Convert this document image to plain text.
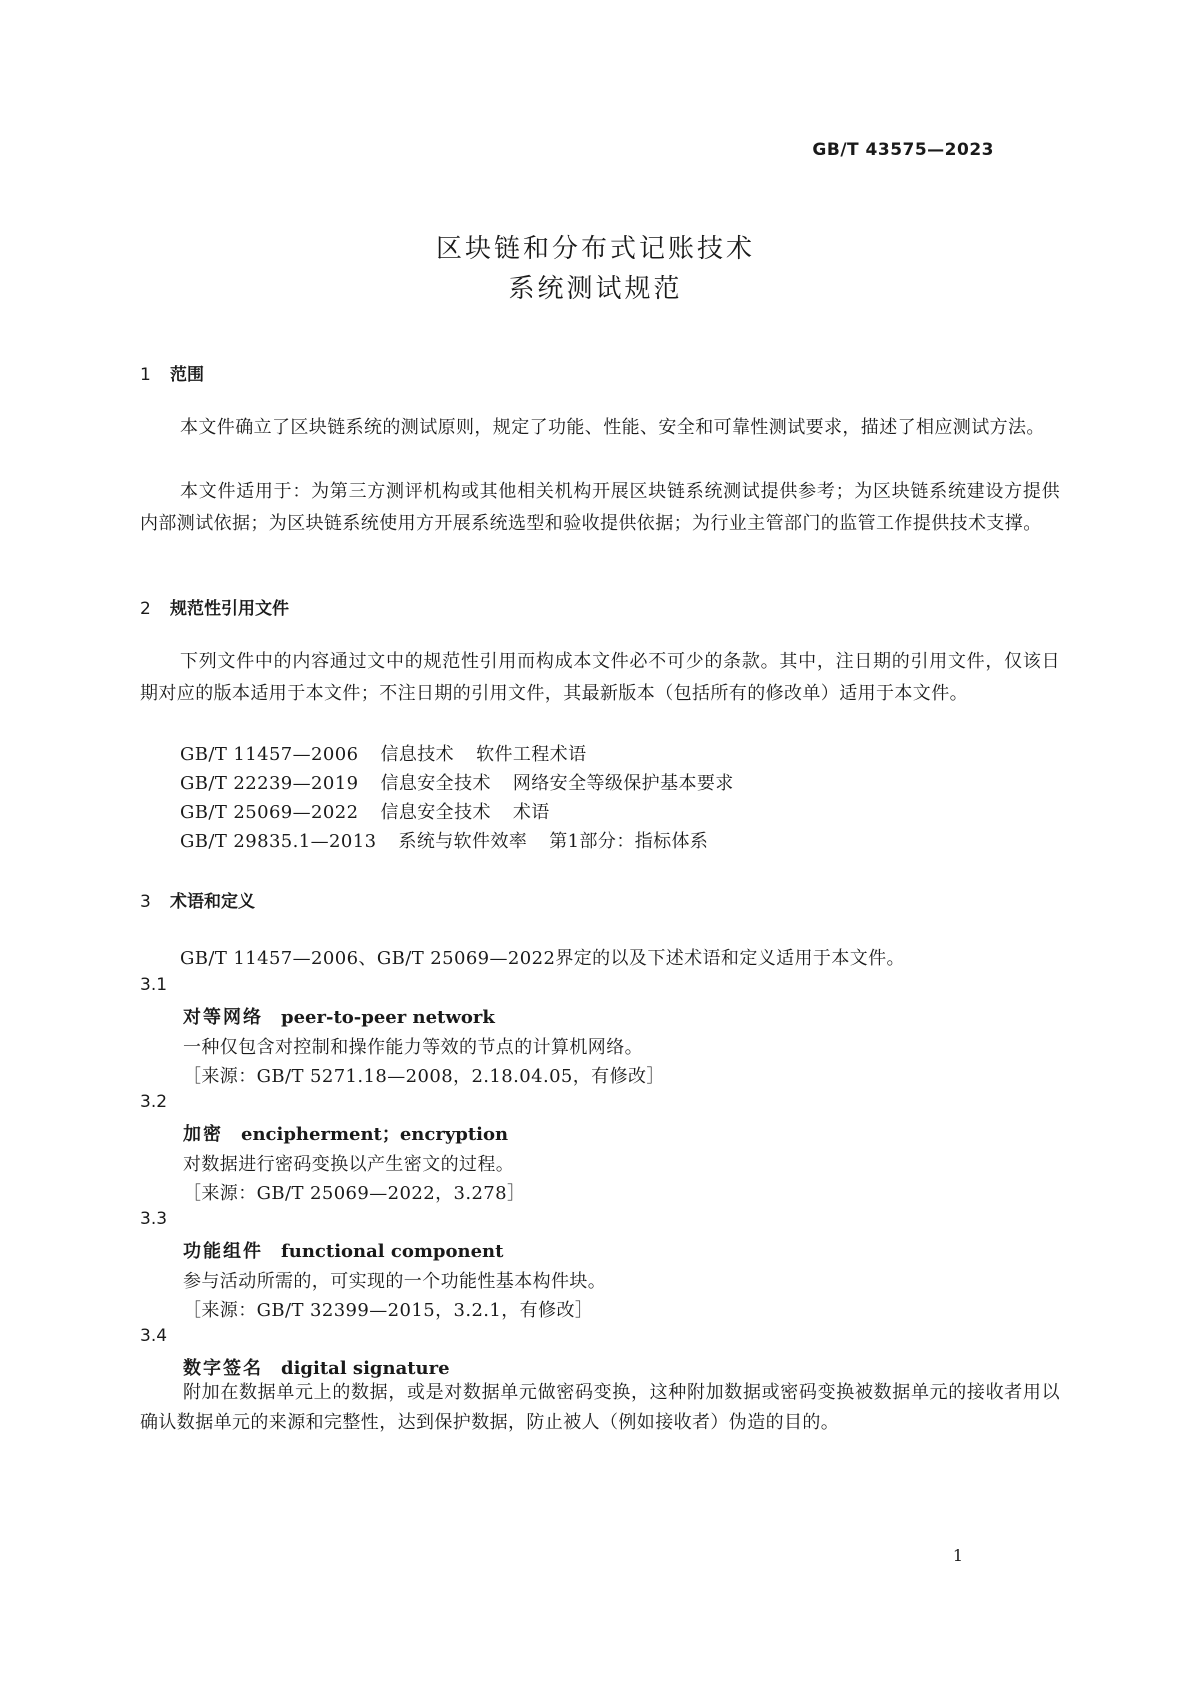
GB/T 43575—2023
区块链和分布式记账技术
系统测试规范
1 范围
本文件确立了区块链系统的测试原则，规定了功能、性能、安全和可靠性测试要求，描述了相应测试方法。
本文件适用于：为第三方测评机构或其他相关机构开展区块链系统测试提供参考；为区块链系统建设方提供内部测试依据；为区块链系统使用方开展系统选型和验收提供依据；为行业主管部门的监管工作提供技术支撑。
2 规范性引用文件
下列文件中的内容通过文中的规范性引用而构成本文件必不可少的条款。其中，注日期的引用文件，仅该日期对应的版本适用于本文件；不注日期的引用文件，其最新版本（包括所有的修改单）适用于本文件。
GB/T 11457—2006 信息技术 软件工程术语
GB/T 22239—2019 信息安全技术 网络安全等级保护基本要求
GB/T 25069—2022 信息安全技术 术语
GB/T 29835.1—2013 系统与软件效率 第1部分：指标体系
3 术语和定义
GB/T 11457—2006、GB/T 25069—2022界定的以及下述术语和定义适用于本文件。
3.1
对等网络 peer-to-peer network
一种仅包含对控制和操作能力等效的节点的计算机网络。
［来源：GB/T 5271.18—2008，2.18.04.05，有修改］
3.2
加密 encipherment；encryption
对数据进行密码变换以产生密文的过程。
［来源：GB/T 25069—2022，3.278］
3.3
功能组件 functional component
参与活动所需的，可实现的一个功能性基本构件块。
［来源：GB/T 32399—2015，3.2.1，有修改］
3.4
数字签名 digital signature
附加在数据单元上的数据，或是对数据单元做密码变换，这种附加数据或密码变换被数据单元的接收者用以确认数据单元的来源和完整性，达到保护数据，防止被人（例如接收者）伪造的目的。
1
